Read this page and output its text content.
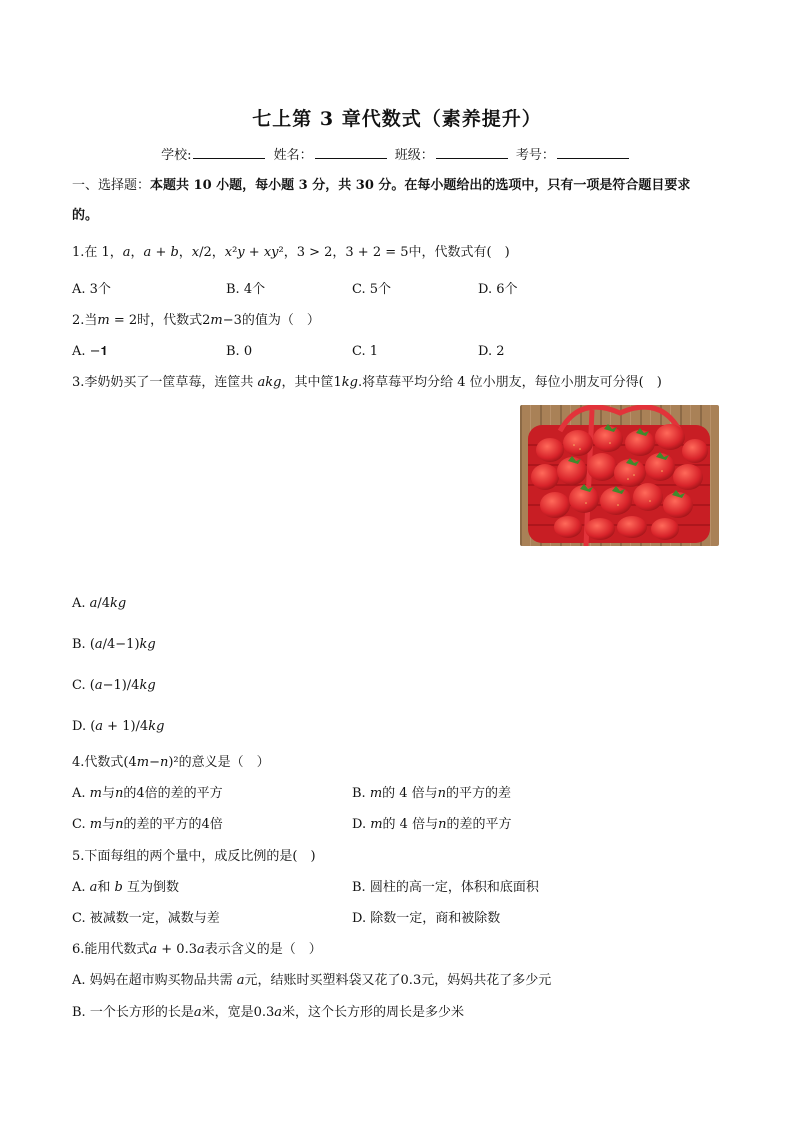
七上第 3 章代数式（素养提升）
学校:	姓名：	班级：	考号：
一、选择题：本题共 10 小题，每小题 3 分，共 30 分。在每小题给出的选项中，只有一项是符合题目要求
的。
1.在 1，𝑎，𝑎 + 𝑏，𝑥/2，𝑥²𝑦 + 𝑥𝑦²，3 > 2，3 + 2 = 5中，代数式有(　)
A. 3个	B. 4个	C. 5个	D. 6个
2.当𝑚 = 2时，代数式2𝑚−3的值为（　）
A. −𝟏	B. 0	C. 1	D. 2
3.李奶奶买了一筐草莓，连筐共 𝑎𝑘𝑔，其中筐1𝑘𝑔.将草莓平均分给 4 位小朋友，每位小朋友可分得(　)
A. 𝑎/4𝑘𝑔
B. (𝑎/4−1)𝑘𝑔
C. (𝑎−1)/4𝑘𝑔
D. (𝑎 + 1)/4𝑘𝑔
4.代数式(4𝑚−𝑛)²的意义是（　）
A. 𝑚与𝑛的4倍的差的平方	B. 𝑚的 4 倍与𝑛的平方的差
C. 𝑚与𝑛的差的平方的4倍	D. 𝑚的 4 倍与𝑛的差的平方
5.下面每组的两个量中，成反比例的是(　)
A. 𝑎和 𝑏 互为倒数	B. 圆柱的高一定，体积和底面积
C. 被减数一定，减数与差	D. 除数一定，商和被除数
6.能用代数式𝑎 + 0.3𝑎表示含义的是（　）
A. 妈妈在超市购买物品共需 𝑎元，结账时买塑料袋又花了0.3元，妈妈共花了多少元
B. 一个长方形的长是𝑎米，宽是0.3𝑎米，这个长方形的周长是多少米
